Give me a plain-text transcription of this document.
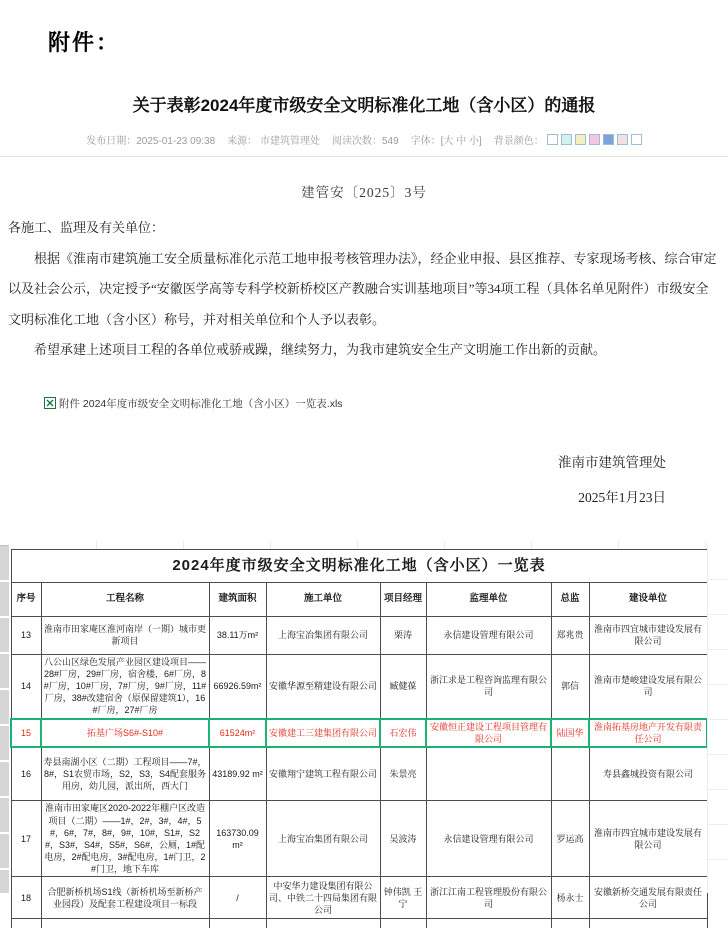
附件：
关于表彰2024年度市级安全文明标准化工地（含小区）的通报
发布日期：2025-01-23 09:38 来源： 市建筑管理处 阅读次数：549 字体：[大 中 小] 背景颜色：
建管安〔2025〕3号

各施工、监理及有关单位：

根据《淮南市建筑施工安全质量标准化示范工地申报考核管理办法》，经企业申报、县区推荐、专家现场考核、综合审定以及社会公示，决定授予“安徽医学高等专科学校新桥校区产教融合实训基地项目”等34项工程（具体名单见附件）市级安全文明标准化工地（含小区）称号，并对相关单位和个人予以表彰。

希望承建上述项目工程的各单位戒骄戒躁，继续努力，为我市建筑安全生产文明施工作出新的贡献。

附件 2024年度市级安全文明标准化工地（含小区）一览表.xls
淮南市建筑管理处
2025年1月23日
2024年度市级安全文明标准化工地（含小区）一览表							
序号	工程名称	建筑面积	施工单位	项目经理	监理单位	总监	建设单位
13	淮南市田家庵区淮河南岸（一期）城市更新项目	38.11万m²	上海宝冶集团有限公司	栗涛	永信建设管理有限公司	郑兆贵	淮南市四宜城市建设发展有限公司
14	八公山区绿色发展产业园区建设项目——28#厂房，29#厂房，宿舍楼，6#厂房，8#厂房，10#厂房，7#厂房，9#厂房，11#厂房，38#改建宿舍（原保留建筑1），16#厂房，27#厂房	66926.59m²	安徽华源至精建设有限公司	臧健葆	浙江求是工程咨询监理有限公司	郭信	淮南市楚峻建设发展有限公司
15	拓基广场S6#-S10#	61524m²	安徽建工三建集团有限公司	石宏伟	安徽恒正建设工程项目管理有限公司	陆国华	淮南拓基房地产开发有限责任公司
16	寿县南湖小区（二期）工程项目——7#，8#，S1农贸市场，S2，S3，S4配套服务用房，幼儿园，派出所，西大门	43189.92 m²	安徽翔宁建筑工程有限公司	朱景亮			寿县鑫城投资有限公司
17	淮南市田家庵区2020-2022年棚户区改造项目（二期）——1#，2#，3#，4#，5#，6#，7#，8#，9#，10#，S1#，S2#，S3#，S4#，S5#，S6#，公厕，1#配电房，2#配电房，3#配电房，1#门卫，2#门卫，地下车库	163730.09 m²	上海宝冶集团有限公司	吴波涛	永信建设管理有限公司	罗运高	淮南市四宜城市建设发展有限公司
18	合肥新桥机场S1线（新桥机场至新桥产业园段）及配套工程建设项目一标段	/	中安华力建设集团有限公司、中铁二十四局集团有限公司	钟伟凯 王宁	浙江江南工程管理股份有限公司	杨永士	安徽新桥交通发展有限责任公司
